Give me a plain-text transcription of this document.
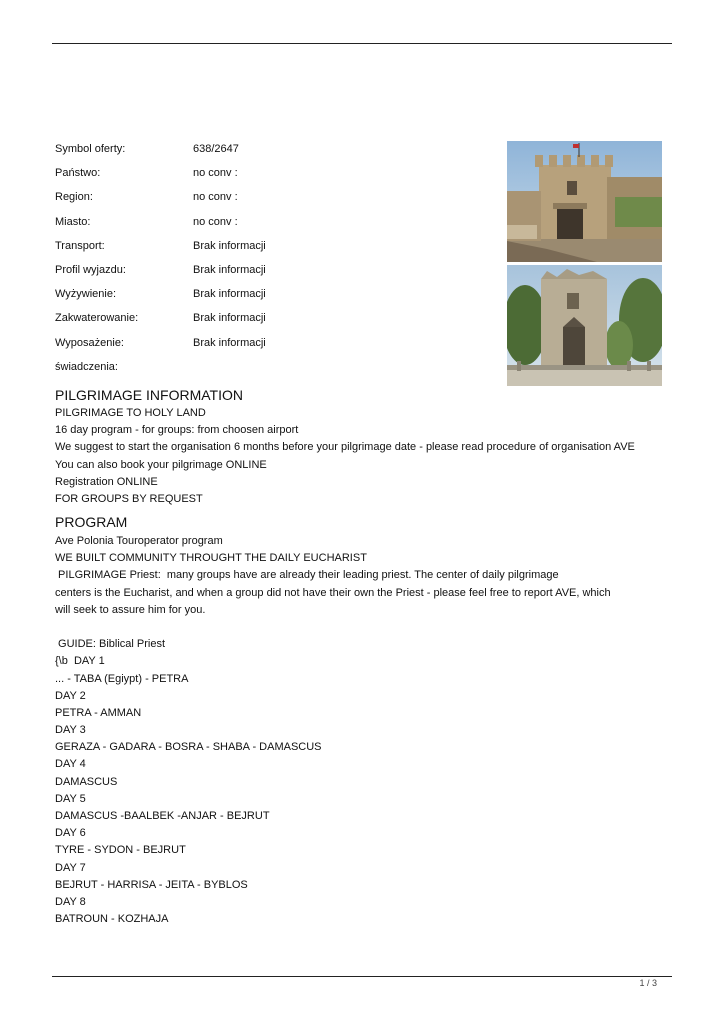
Symbol oferty:	638/2647
Państwo:	no conv :
Region:	no conv :
Miasto:	no conv :
Transport:	Brak informacji
Profil wyjazdu:	Brak informacji
Wyżywienie:	Brak informacji
Zakwaterowanie:	Brak informacji
Wyposażenie:	Brak informacji
świadczenia:
PILGRIMAGE INFORMATION
PILGRIMAGE TO HOLY LAND
16 day program - for groups: from choosen airport
We suggest to start the organisation 6 months before your pilgrimage date - please read procedure of organisation AVE
You can also book your pilgrimage ONLINE
Registration ONLINE
FOR GROUPS BY REQUEST
PROGRAM
Ave Polonia Touroperator program
WE BUILT COMMUNITY THROUGHT THE DAILY EUCHARIST
PILGRIMAGE Priest:  many groups have are already their leading priest. The center of daily pilgrimage
centers is the Eucharist, and when a group did not have their own the Priest - please feel free to report AVE, which
will seek to assure him for you.
GUIDE: Biblical Priest
{\b  DAY 1
... - TABA (Egiypt) - PETRA
DAY 2
PETRA - AMMAN
DAY 3
GERAZA - GADARA - BOSRA - SHABA - DAMASCUS
DAY 4
DAMASCUS
DAY 5
DAMASCUS -BAALBEK -ANJAR - BEJRUT
DAY 6
TYRE - SYDON - BEJRUT
DAY 7
BEJRUT - HARRISA - JEITA - BYBLOS
DAY 8
BATROUN - KOZHAJA
1 / 3
